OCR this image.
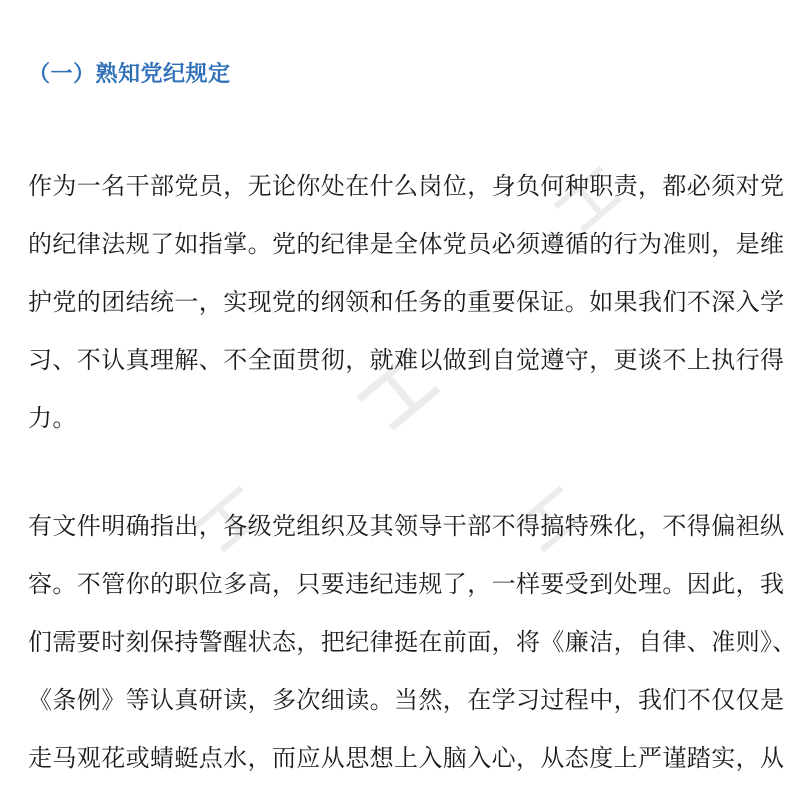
（一）熟知党纪规定

作为一名干部党员，无论你处在什么岗位，身负何种职责，都必须对党
的纪律法规了如指掌。党的纪律是全体党员必须遵循的行为准则，是维
护党的团结统一，实现党的纲领和任务的重要保证。如果我们不深入学
习、不认真理解、不全面贯彻，就难以做到自觉遵守，更谈不上执行得
力。

有文件明确指出，各级党组织及其领导干部不得搞特殊化，不得偏袒纵
容。不管你的职位多高，只要违纪违规了，一样要受到处理。因此，我
们需要时刻保持警醒状态，把纪律挺在前面，将《廉洁，自律、准则》、
《条例》等认真研读，多次细读。当然，在学习过程中，我们不仅仅是
走马观花或蜻蜓点水，而应从思想上入脑入心，从态度上严谨踏实，从
